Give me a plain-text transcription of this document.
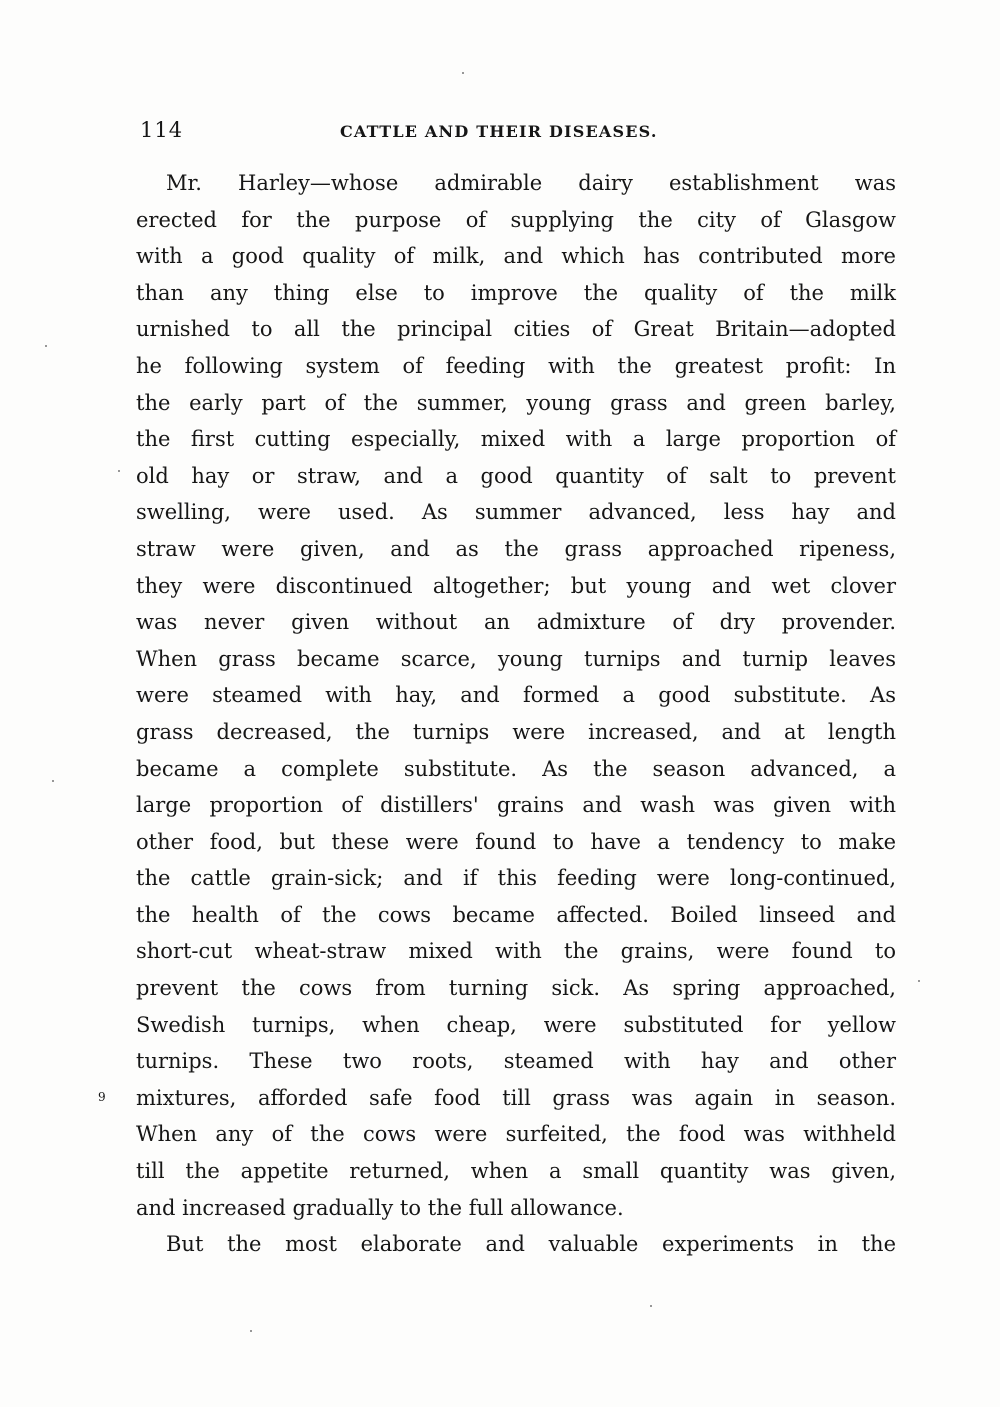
114	CATTLE AND THEIR DISEASES.
Mr. Harley—whose admirable dairy establishment was
erected for the purpose of supplying the city of Glasgow
with a good quality of milk, and which has contributed more
than any thing else to improve the quality of the milk
urnished to all the principal cities of Great Britain—adopted
he following system of feeding with the greatest profit: In
the early part of the summer, young grass and green barley,
the first cutting especially, mixed with a large proportion of
old hay or straw, and a good quantity of salt to prevent
swelling, were used. As summer advanced, less hay and
straw were given, and as the grass approached ripeness,
they were discontinued altogether; but young and wet clover
was never given without an admixture of dry provender.
When grass became scarce, young turnips and turnip leaves
were steamed with hay, and formed a good substitute. As
grass decreased, the turnips were increased, and at length
became a complete substitute. As the season advanced, a
large proportion of distillers' grains and wash was given with
other food, but these were found to have a tendency to make
the cattle grain-sick; and if this feeding were long-continued,
the health of the cows became affected. Boiled linseed and
short-cut wheat-straw mixed with the grains, were found to
prevent the cows from turning sick. As spring approached,
Swedish turnips, when cheap, were substituted for yellow
turnips. These two roots, steamed with hay and other
mixtures, afforded safe food till grass was again in season.
When any of the cows were surfeited, the food was withheld
till the appetite returned, when a small quantity was given,
and increased gradually to the full allowance.
But the most elaborate and valuable experiments in the
9
